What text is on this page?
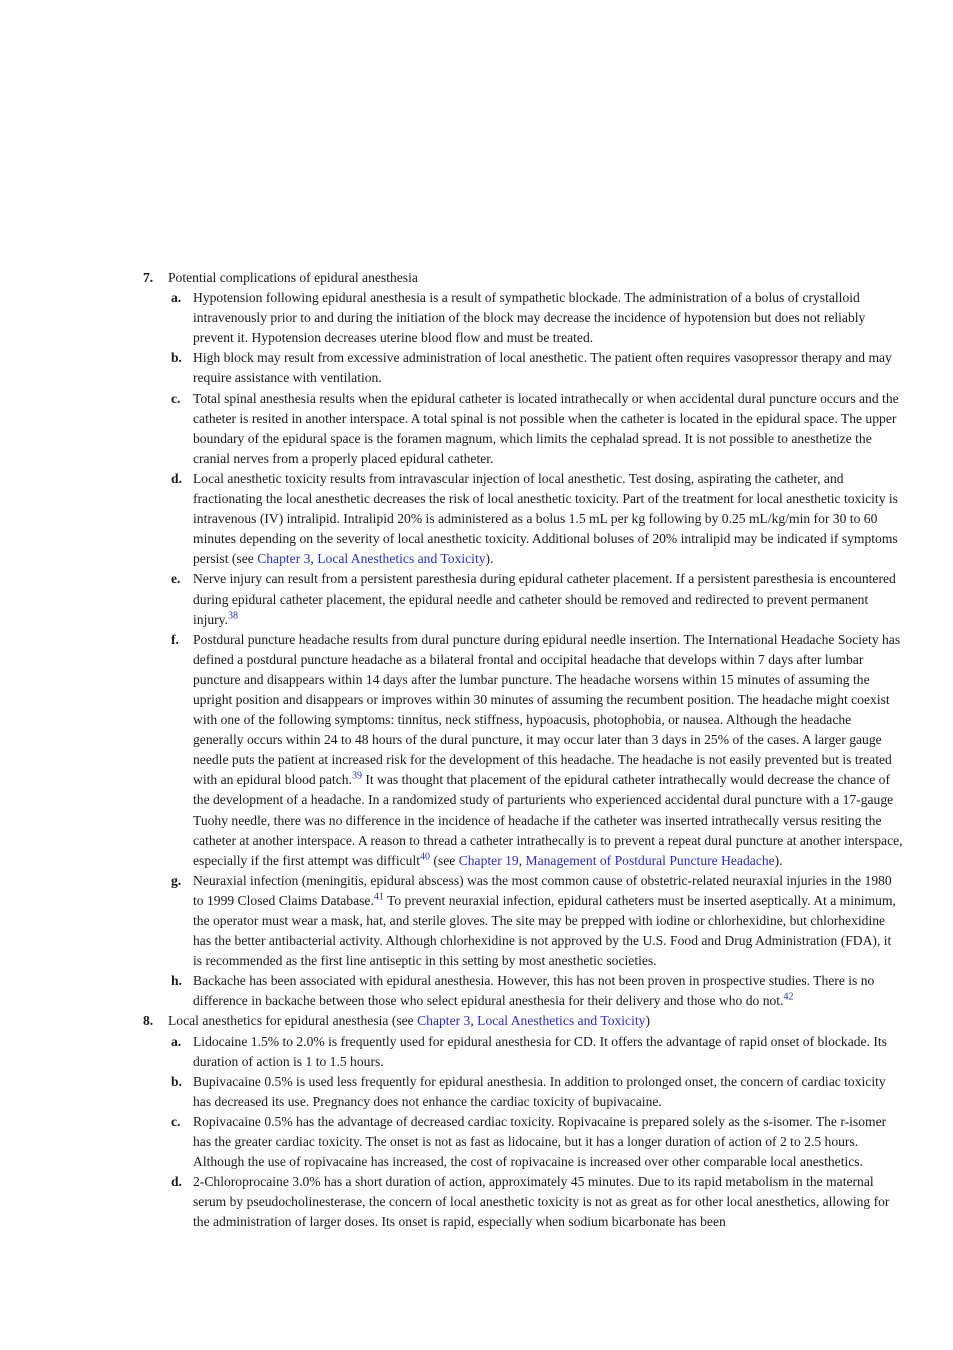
7. Potential complications of epidural anesthesia
a. Hypotension following epidural anesthesia is a result of sympathetic blockade. The administration of a bolus of crystalloid intravenously prior to and during the initiation of the block may decrease the incidence of hypotension but does not reliably prevent it. Hypotension decreases uterine blood flow and must be treated.
b. High block may result from excessive administration of local anesthetic. The patient often requires vasopressor therapy and may require assistance with ventilation.
c. Total spinal anesthesia results when the epidural catheter is located intrathecally or when accidental dural puncture occurs and the catheter is resited in another interspace. A total spinal is not possible when the catheter is located in the epidural space. The upper boundary of the epidural space is the foramen magnum, which limits the cephalad spread. It is not possible to anesthetize the cranial nerves from a properly placed epidural catheter.
d. Local anesthetic toxicity results from intravascular injection of local anesthetic. Test dosing, aspirating the catheter, and fractionating the local anesthetic decreases the risk of local anesthetic toxicity. Part of the treatment for local anesthetic toxicity is intravenous (IV) intralipid. Intralipid 20% is administered as a bolus 1.5 mL per kg following by 0.25 mL/kg/min for 30 to 60 minutes depending on the severity of local anesthetic toxicity. Additional boluses of 20% intralipid may be indicated if symptoms persist (see Chapter 3, Local Anesthetics and Toxicity).
e. Nerve injury can result from a persistent paresthesia during epidural catheter placement. If a persistent paresthesia is encountered during epidural catheter placement, the epidural needle and catheter should be removed and redirected to prevent permanent injury.$^{38}$
f. Postdural puncture headache results from dural puncture during epidural needle insertion. The International Headache Society has defined a postdural puncture headache as a bilateral frontal and occipital headache that develops within 7 days after lumbar puncture and disappears within 14 days after the lumbar puncture. The headache worsens within 15 minutes of assuming the upright position and disappears or improves within 30 minutes of assuming the recumbent position. The headache might coexist with one of the following symptoms: tinnitus, neck stiffness, hypoacusis, photophobia, or nausea. Although the headache generally occurs within 24 to 48 hours of the dural puncture, it may occur later than 3 days in 25% of the cases. A larger gauge needle puts the patient at increased risk for the development of this headache. The headache is not easily prevented but is treated with an epidural blood patch.$^{39}$ It was thought that placement of the epidural catheter intrathecally would decrease the chance of the development of a headache. In a randomized study of parturients who experienced accidental dural puncture with a 17-gauge Tuohy needle, there was no difference in the incidence of headache if the catheter was inserted intrathecally versus resiting the catheter at another interspace. A reason to thread a catheter intrathecally is to prevent a repeat dural puncture at another interspace, especially if the first attempt was difficult$^{40}$ (see Chapter 19, Management of Postdural Puncture Headache).
g. Neuraxial infection (meningitis, epidural abscess) was the most common cause of obstetric-related neuraxial injuries in the 1980 to 1999 Closed Claims Database.$^{41}$ To prevent neuraxial infection, epidural catheters must be inserted aseptically. At a minimum, the operator must wear a mask, hat, and sterile gloves. The site may be prepped with iodine or chlorhexidine, but chlorhexidine has the better antibacterial activity. Although chlorhexidine is not approved by the U.S. Food and Drug Administration (FDA), it is recommended as the first line antiseptic in this setting by most anesthetic societies.
h. Backache has been associated with epidural anesthesia. However, this has not been proven in prospective studies. There is no difference in backache between those who select epidural anesthesia for their delivery and those who do not.$^{42}$
8. Local anesthetics for epidural anesthesia (see Chapter 3, Local Anesthetics and Toxicity)
a. Lidocaine 1.5% to 2.0% is frequently used for epidural anesthesia for CD. It offers the advantage of rapid onset of blockade. Its duration of action is 1 to 1.5 hours.
b. Bupivacaine 0.5% is used less frequently for epidural anesthesia. In addition to prolonged onset, the concern of cardiac toxicity has decreased its use. Pregnancy does not enhance the cardiac toxicity of bupivacaine.
c. Ropivacaine 0.5% has the advantage of decreased cardiac toxicity. Ropivacaine is prepared solely as the s-isomer. The r-isomer has the greater cardiac toxicity. The onset is not as fast as lidocaine, but it has a longer duration of action of 2 to 2.5 hours. Although the use of ropivacaine has increased, the cost of ropivacaine is increased over other comparable local anesthetics.
d. 2-Chloroprocaine 3.0% has a short duration of action, approximately 45 minutes. Due to its rapid metabolism in the maternal serum by pseudocholinesterase, the concern of local anesthetic toxicity is not as great as for other local anesthetics, allowing for the administration of larger doses. Its onset is rapid, especially when sodium bicarbonate has been
